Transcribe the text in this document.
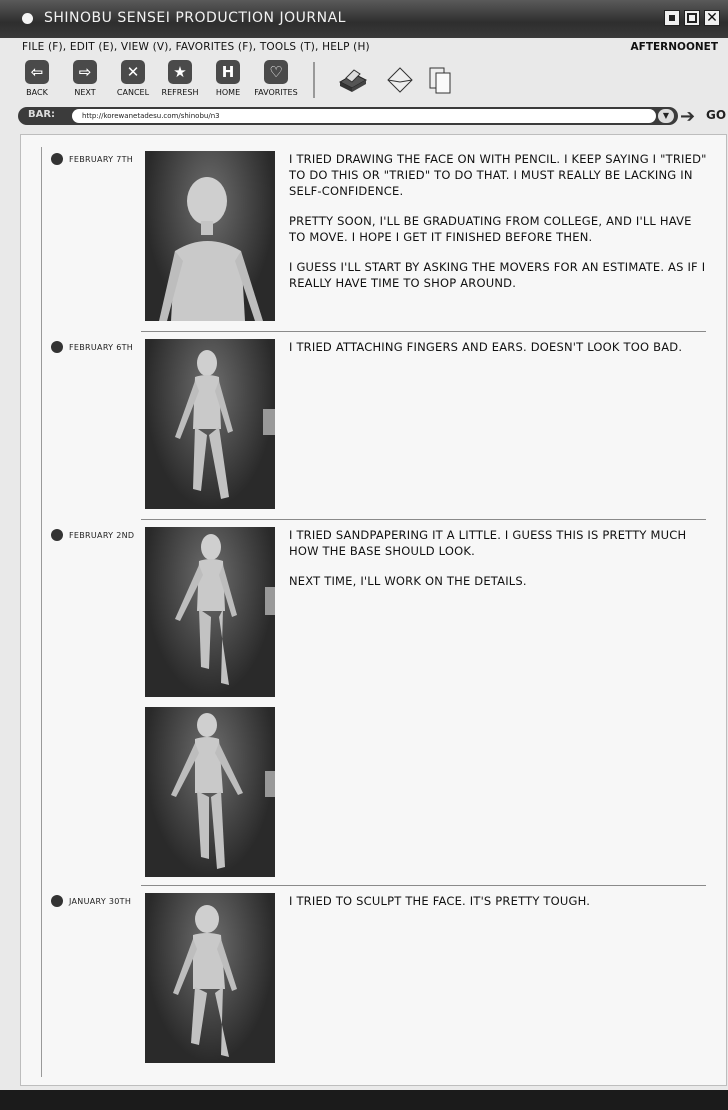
SHINOBU SENSEI PRODUCTION JOURNAL	✕
FILE (F), EDIT (E), VIEW (V), FAVORITES (F), TOOLS (T), HELP (H)	AFTERNOONET
⇦
BACK
⇨
NEXT
✕
CANCEL
★
REFRESH
H
HOME
♡
FAVORITES
BAR:	http://korewanetadesu.com/shinobu/n3	▼ ➔ GO
FEBRUARY 7TH	I TRIED DRAWING THE FACE ON WITH PENCIL. I KEEP SAYING I "TRIED" TO DO THIS OR "TRIED" TO DO THAT. I MUST REALLY BE LACKING IN SELF-CONFIDENCE.

PRETTY SOON, I'LL BE GRADUATING FROM COLLEGE, AND I'LL HAVE TO MOVE. I HOPE I GET IT FINISHED BEFORE THEN.

I GUESS I'LL START BY ASKING THE MOVERS FOR AN ESTIMATE. AS IF I REALLY HAVE TIME TO SHOP AROUND.

FEBRUARY 6TH	I TRIED ATTACHING FINGERS AND EARS. DOESN'T LOOK TOO BAD.

FEBRUARY 2ND	I TRIED SANDPAPERING IT A LITTLE. I GUESS THIS IS PRETTY MUCH HOW THE BASE SHOULD LOOK.

NEXT TIME, I'LL WORK ON THE DETAILS.

JANUARY 30TH	I TRIED TO SCULPT THE FACE. IT'S PRETTY TOUGH.
